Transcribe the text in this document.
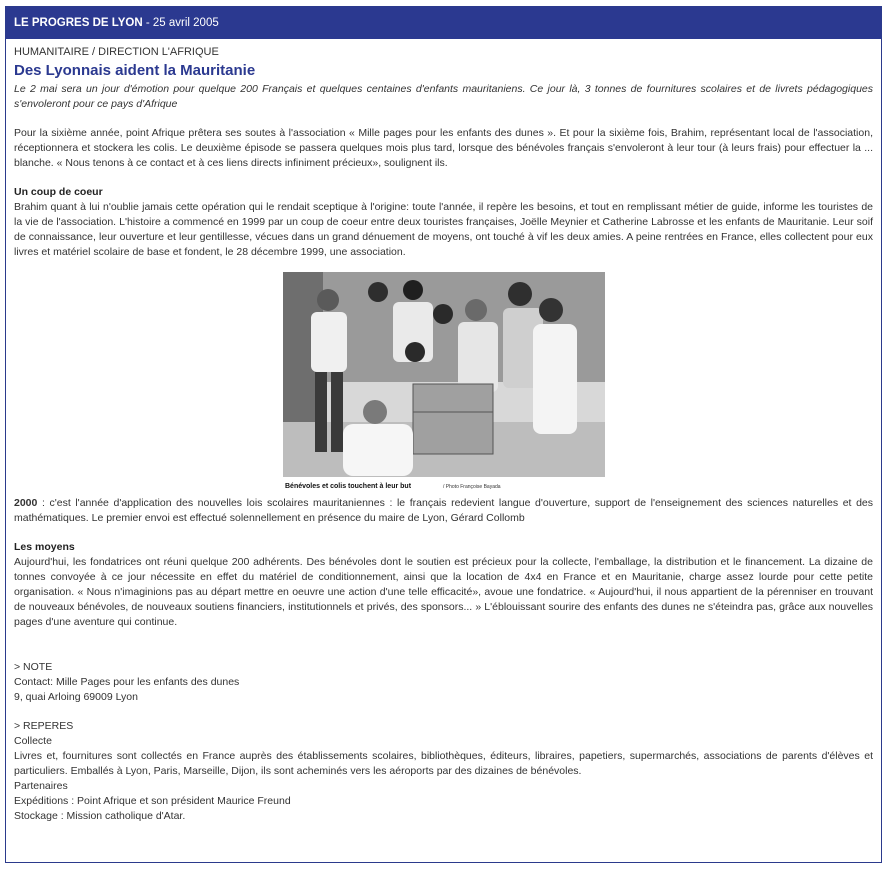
LE PROGRES DE LYON - 25 avril 2005
HUMANITAIRE / DIRECTION L'AFRIQUE
Des Lyonnais aident la Mauritanie

Le 2 mai sera un jour d'émotion pour quelque 200 Français et quelques centaines d'enfants mauritaniens. Ce jour là, 3 tonnes de fournitures scolaires et de livrets pédagogiques s'envoleront pour ce pays d'Afrique

Pour la sixième année, point Afrique prêtera ses soutes à l'association « Mille pages pour les enfants des dunes ». Et pour la sixième fois, Brahim, représentant local de l'association, réceptionnera et stockera les colis. Le deuxième épisode se passera quelques mois plus tard, lorsque des bénévoles français s'envoleront à leur tour (à leurs frais) pour effectuer la ... blanche. « Nous tenons à ce contact et à ces liens directs infiniment précieux», soulignent ils.

Un coup de coeur

Brahim quant à lui n'oublie jamais cette opération qui le rendait sceptique à l'origine: toute l'année, il repère les besoins, et tout en remplissant métier de guide, informe les touristes de la vie de l'association. L'histoire a commencé en 1999 par un coup de coeur entre deux touristes françaises, Joëlle Meynier et Catherine Labrosse et les enfants de Mauritanie. Leur soif de connaissance, leur ouverture et leur gentillesse, vécues dans un grand dénuement de moyens, ont touché à vif les deux amies. A peine rentrées en France, elles collectent pour eux livres et matériel scolaire de base et fondent, le 28 décembre 1999, une association.

Bénévoles et colis touchent à leur but	/ Photo Françoise Bayada

2000 : c'est l'année d'application des nouvelles lois scolaires mauritaniennes : le français redevient langue d'ouverture, support de l'enseignement des sciences naturelles et des mathématiques. Le premier envoi est effectué solennellement en présence du maire de Lyon, Gérard Collomb

Les moyens

Aujourd'hui, les fondatrices ont réuni quelque 200 adhérents. Des bénévoles dont le soutien est précieux pour la collecte, l'emballage, la distribution et le financement. La dizaine de tonnes convoyée à ce jour nécessite en effet du matériel de conditionnement, ainsi que la location de 4x4 en France et en Mauritanie, charge assez lourde pour cette petite organisation. « Nous n'imaginions pas au départ mettre en oeuvre une action d'une telle efficacité», avoue une fondatrice. « Aujourd'hui, il nous appartient de la pérenniser en trouvant de nouveaux bénévoles, de nouveaux soutiens financiers, institutionnels et privés, des sponsors... » L'éblouissant sourire des enfants des dunes ne s'éteindra pas, grâce aux nouvelles pages d'une aventure qui continue.

> NOTE
Contact: Mille Pages pour les enfants des dunes
9, quai Arloing 69009 Lyon
> REPERES
Collecte

Livres et, fournitures sont collectés en France auprès des établissements scolaires, bibliothèques, éditeurs, libraires, papetiers, supermarchés, associations de parents d'élèves et particuliers. Emballés à Lyon, Paris, Marseille, Dijon, ils sont acheminés vers les aéroports par des dizaines de bénévoles.

Partenaires
Expéditions : Point Afrique et son président Maurice Freund
Stockage : Mission catholique d'Atar.
